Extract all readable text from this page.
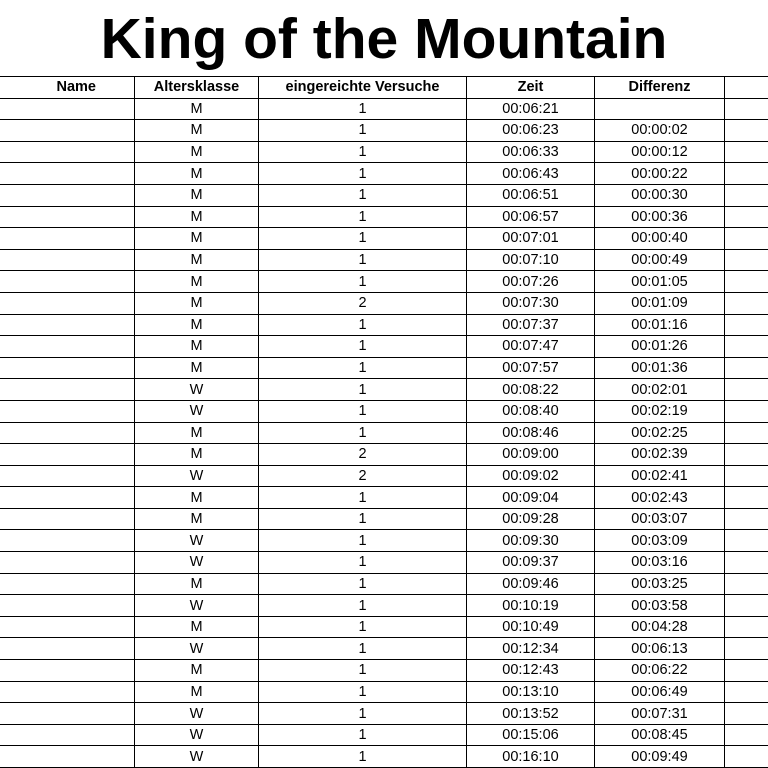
King of the Mountain
Name	Altersklasse	eingereichte Versuche	Zeit	Differenz	
	M	1	00:06:21		
	M	1	00:06:23	00:00:02	
	M	1	00:06:33	00:00:12	
	M	1	00:06:43	00:00:22	
	M	1	00:06:51	00:00:30	
	M	1	00:06:57	00:00:36	
	M	1	00:07:01	00:00:40	
	M	1	00:07:10	00:00:49	
	M	1	00:07:26	00:01:05	
	M	2	00:07:30	00:01:09	
	M	1	00:07:37	00:01:16	
	M	1	00:07:47	00:01:26	
	M	1	00:07:57	00:01:36	
	W	1	00:08:22	00:02:01	
	W	1	00:08:40	00:02:19	
	M	1	00:08:46	00:02:25	
	M	2	00:09:00	00:02:39	
	W	2	00:09:02	00:02:41	
	M	1	00:09:04	00:02:43	
	M	1	00:09:28	00:03:07	
	W	1	00:09:30	00:03:09	
	W	1	00:09:37	00:03:16	
	M	1	00:09:46	00:03:25	
	W	1	00:10:19	00:03:58	
	M	1	00:10:49	00:04:28	
	W	1	00:12:34	00:06:13	
	M	1	00:12:43	00:06:22	
	M	1	00:13:10	00:06:49	
	W	1	00:13:52	00:07:31	
	W	1	00:15:06	00:08:45	
	W	1	00:16:10	00:09:49	
